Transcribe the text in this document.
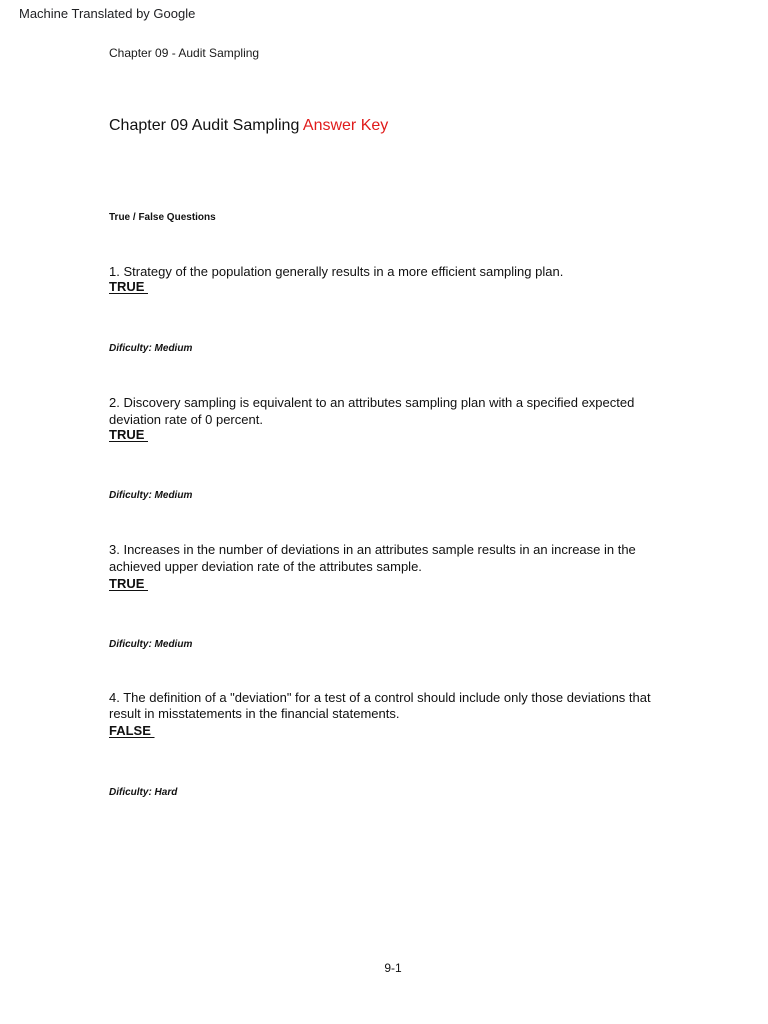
Machine Translated by Google
Chapter 09 - Audit Sampling
Chapter 09 Audit Sampling Answer Key
True / False Questions
1. Strategy of the population generally results in a more efficient sampling plan.
TRUE
Dificulty: Medium
2. Discovery sampling is equivalent to an attributes sampling plan with a specified expected deviation rate of 0 percent.
TRUE
Dificulty: Medium
3. Increases in the number of deviations in an attributes sample results in an increase in the achieved upper deviation rate of the attributes sample.
TRUE
Dificulty: Medium
4. The definition of a "deviation" for a test of a control should include only those deviations that result in misstatements in the financial statements.
FALSE
Dificulty: Hard
9-1
